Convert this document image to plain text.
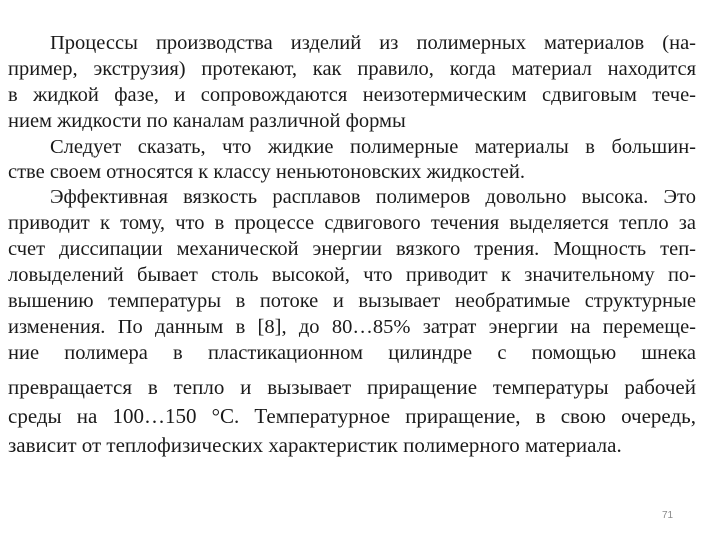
Процессы производства изделий из полимерных материалов (на-
пример, экструзия) протекают, как правило, когда материал находится
в жидкой фазе, и сопровождаются неизотермическим сдвиговым тече-
нием жидкости по каналам различной формы
Следует сказать, что жидкие полимерные материалы в большин-
стве своем относятся к классу неньютоновских жидкостей.
Эффективная вязкость расплавов полимеров довольно высока. Это
приводит к тому, что в процессе сдвигового течения выделяется тепло за
счет диссипации механической энергии вязкого трения. Мощность теп-
ловыделений бывает столь высокой, что приводит к значительному по-
вышению температуры в потоке и вызывает необратимые структурные
изменения. По данным в [8], до 80…85% затрат энергии на перемеще-
ние полимера в пластикационном цилиндре с помощью шнека
превращается в тепло и вызывает приращение температуры рабочей
среды на 100…150 °С. Температурное приращение, в свою очередь,
зависит от теплофизических характеристик полимерного материала.
71
